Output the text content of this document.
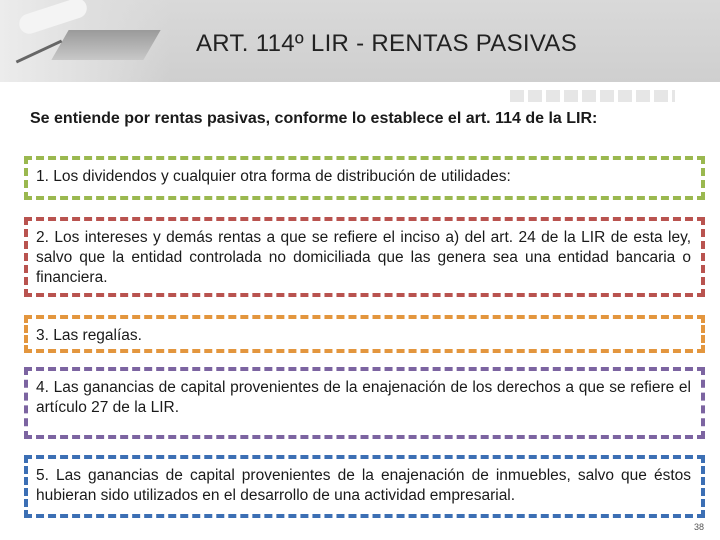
ART. 114º LIR - RENTAS PASIVAS

Se entiende por rentas pasivas, conforme lo establece el art. 114 de la LIR:

1. Los dividendos y cualquier otra forma de distribución de utilidades:
2. Los intereses y demás rentas a que se refiere el inciso a) del art. 24 de la LIR de esta ley, salvo que la entidad controlada no domiciliada que las genera sea una entidad bancaria o financiera.
3. Las regalías.
4. Las ganancias de capital provenientes de la enajenación de los derechos a que se refiere el artículo 27 de la LIR.
5. Las ganancias de capital provenientes de la enajenación de inmuebles, salvo que éstos hubieran sido utilizados en el desarrollo de una actividad empresarial.
38
